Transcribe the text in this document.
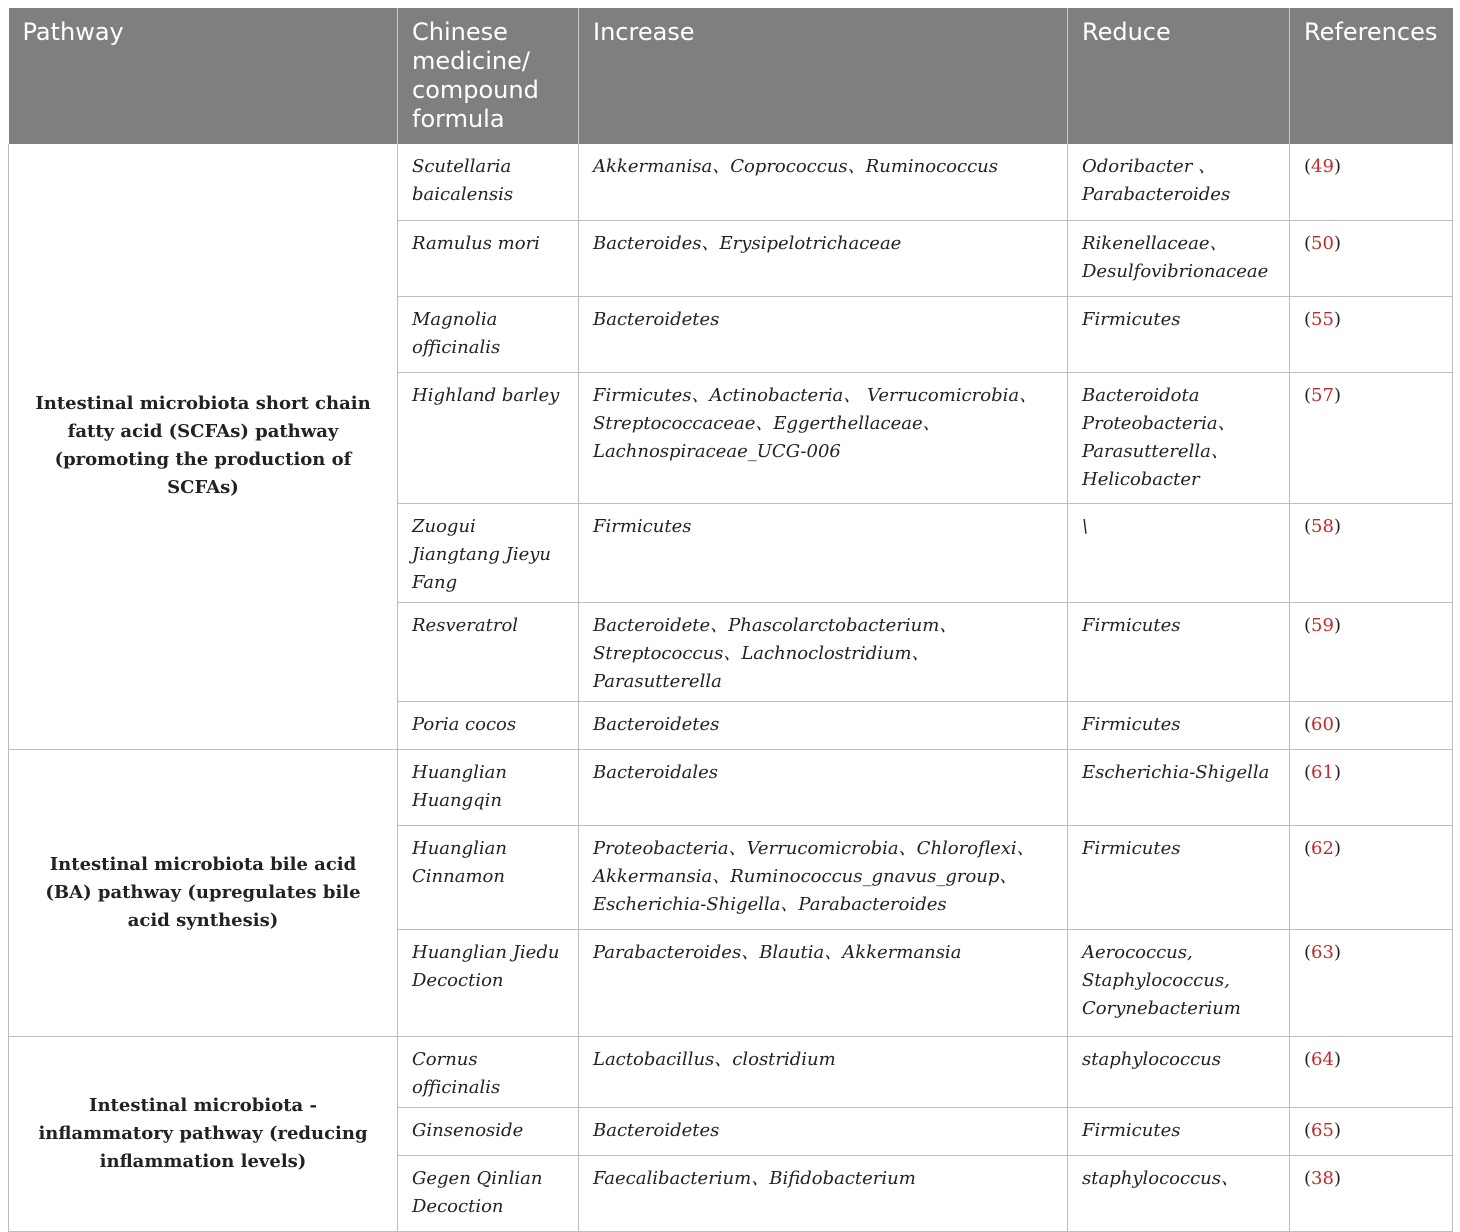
Pathway	Chinese medicine/ compound formula	Increase	Reduce	References
Intestinal microbiota short chain fatty acid (SCFAs) pathway (promoting the production of SCFAs)	Scutellaria baicalensis	Akkermanisa、Coprococcus、Ruminococcus	Odoribacter 、Parabacteroides	(49)
	Ramulus mori	Bacteroides、Erysipelotrichaceae	Rikenellaceae、Desulfovibrionaceae	(50)
	Magnolia officinalis	Bacteroidetes	Firmicutes	(55)
	Highland barley	Firmicutes、Actinobacteria、 Verrucomicrobia、Streptococcaceae、Eggerthellaceae、Lachnospiraceae_UCG-006	Bacteroidota Proteobacteria、Parasutterella、Helicobacter	(57)
	Zuogui Jiangtang Jieyu Fang	Firmicutes	\	(58)
	Resveratrol	Bacteroidete、Phascolarctobacterium、Streptococcus、Lachnoclostridium、Parasutterella	Firmicutes	(59)
	Poria cocos	Bacteroidetes	Firmicutes	(60)
Intestinal microbiota bile acid (BA) pathway (upregulates bile acid synthesis)	Huanglian Huangqin	Bacteroidales	Escherichia-Shigella	(61)
	Huanglian Cinnamon	Proteobacteria、Verrucomicrobia、Chloroflexi、Akkermansia、Ruminococcus_gnavus_group、Escherichia-Shigella、Parabacteroides	Firmicutes	(62)
	Huanglian Jiedu Decoction	Parabacteroides、Blautia、Akkermansia	Aerococcus, Staphylococcus, Corynebacterium	(63)
Intestinal microbiota - inflammatory pathway (reducing inflammation levels)	Cornus officinalis	Lactobacillus、clostridium	staphylococcus	(64)
	Ginsenoside	Bacteroidetes	Firmicutes	(65)
	Gegen Qinlian Decoction	Faecalibacterium、Bifidobacterium	staphylococcus、	(38)
